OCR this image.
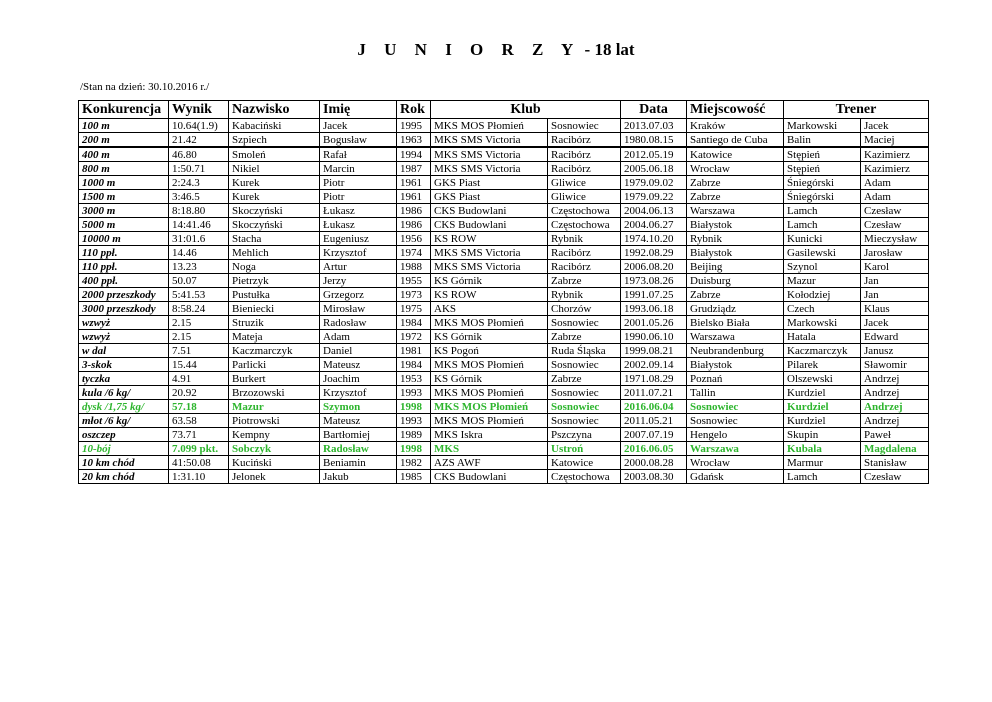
J U N I O R Z Y - 18 lat
/Stan na dzień: 30.10.2016 r./
Konkurencja	Wynik	Nazwisko	Imię	Rok	Klub		Data	Miejscowość	Trener	
100 m	10.64(1.9)	Kabaciński	Jacek	1995	MKS MOS Płomień	Sosnowiec	2013.07.03	Kraków	Markowski	Jacek
200 m	21.42	Szpiech	Bogusław	1963	MKS SMS Victoria	Racibórz	1980.08.15	Santiego de Cuba	Balin	Maciej
400 m	46.80	Smoleń	Rafał	1994	MKS SMS Victoria	Racibórz	2012.05.19	Katowice	Stępień	Kazimierz
800 m	1:50.71	Nikiel	Marcin	1987	MKS SMS Victoria	Racibórz	2005.06.18	Wrocław	Stępień	Kazimierz
1000 m	2:24.3	Kurek	Piotr	1961	GKS Piast	Gliwice	1979.09.02	Zabrze	Śniegórski	Adam
1500 m	3:46.5	Kurek	Piotr	1961	GKS Piast	Gliwice	1979.09.22	Zabrze	Śniegórski	Adam
3000 m	8:18.80	Skoczyński	Łukasz	1986	CKS Budowlani	Częstochowa	2004.06.13	Warszawa	Lamch	Czesław
5000 m	14:41.46	Skoczyński	Łukasz	1986	CKS Budowlani	Częstochowa	2004.06.27	Białystok	Lamch	Czesław
10000 m	31:01.6	Stacha	Eugeniusz	1956	KS ROW	Rybnik	1974.10.20	Rybnik	Kunicki	Mieczysław
110 ppł.	14.46	Mehlich	Krzysztof	1974	MKS SMS Victoria	Racibórz	1992.08.29	Białystok	Gasilewski	Jarosław
110 ppł.	13.23	Noga	Artur	1988	MKS SMS Victoria	Racibórz	2006.08.20	Beijing	Szynol	Karol
400 ppł.	50.07	Pietrzyk	Jerzy	1955	KS Górnik	Zabrze	1973.08.26	Duisburg	Mazur	Jan
2000 przeszkody	5:41.53	Pustułka	Grzegorz	1973	KS ROW	Rybnik	1991.07.25	Zabrze	Kołodziej	Jan
3000 przeszkody	8:58.24	Bieniecki	Mirosław	1975	AKS	Chorzów	1993.06.18	Grudziądz	Czech	Klaus
wzwyż	2.15	Struzik	Radosław	1984	MKS MOS Płomień	Sosnowiec	2001.05.26	Bielsko Biała	Markowski	Jacek
wzwyż	2.15	Mateja	Adam	1972	KS Górnik	Zabrze	1990.06.10	Warszawa	Hatala	Edward
w dal	7.51	Kaczmarczyk	Daniel	1981	KS Pogoń	Ruda Śląska	1999.08.21	Neubrandenburg	Kaczmarczyk	Janusz
3-skok	15.44	Parlicki	Mateusz	1984	MKS MOS Płomień	Sosnowiec	2002.09.14	Białystok	Pilarek	Sławomir
tyczka	4.91	Burkert	Joachim	1953	KS Górnik	Zabrze	1971.08.29	Poznań	Olszewski	Andrzej
kula /6 kg/	20.92	Brzozowski	Krzysztof	1993	MKS MOS Płomień	Sosnowiec	2011.07.21	Tallin	Kurdziel	Andrzej
dysk /1,75 kg/	57.18	Mazur	Szymon	1998	MKS MOS Płomień	Sosnowiec	2016.06.04	Sosnowiec	Kurdziel	Andrzej
młot /6 kg/	63.58	Piotrowski	Mateusz	1993	MKS MOS Płomień	Sosnowiec	2011.05.21	Sosnowiec	Kurdziel	Andrzej
oszczep	73.71	Kempny	Bartłomiej	1989	MKS Iskra	Pszczyna	2007.07.19	Hengelo	Skupin	Paweł
10-bój	7.099 pkt.	Sobczyk	Radosław	1998	MKS	Ustroń	2016.06.05	Warszawa	Kubala	Magdalena
10 km chód	41:50.08	Kuciński	Beniamin	1982	AZS AWF	Katowice	2000.08.28	Wrocław	Marmur	Stanisław
20 km chód	1:31.10	Jelonek	Jakub	1985	CKS Budowlani	Częstochowa	2003.08.30	Gdańsk	Lamch	Czesław
